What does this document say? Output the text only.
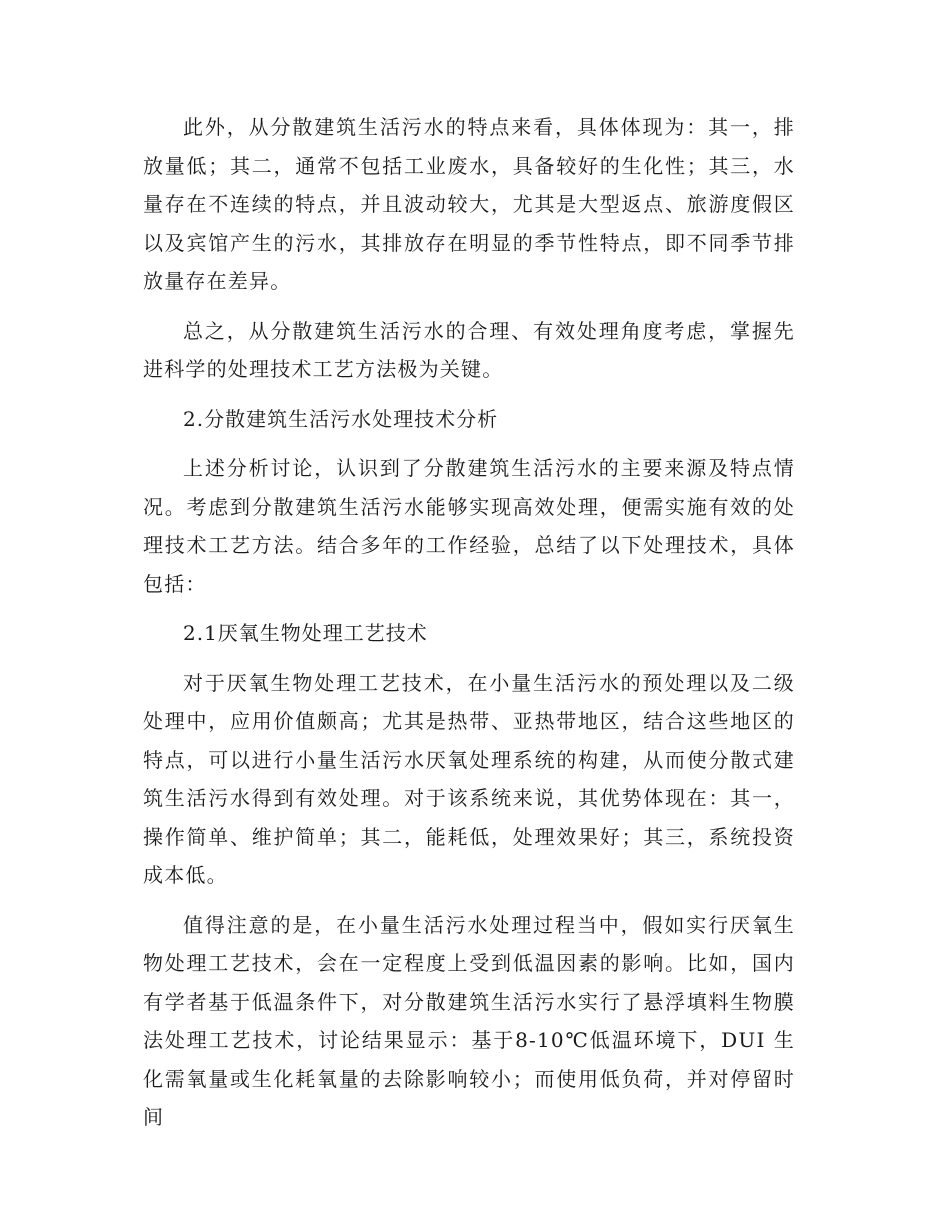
此外，从分散建筑生活污水的特点来看，具体体现为：其一，排放量低；其二，通常不包括工业废水，具备较好的生化性；其三，水量存在不连续的特点，并且波动较大，尤其是大型返点、旅游度假区以及宾馆产生的污水，其排放存在明显的季节性特点，即不同季节排放量存在差异。

总之，从分散建筑生活污水的合理、有效处理角度考虑，掌握先进科学的处理技术工艺方法极为关键。

2.分散建筑生活污水处理技术分析

上述分析讨论，认识到了分散建筑生活污水的主要来源及特点情况。考虑到分散建筑生活污水能够实现高效处理，便需实施有效的处理技术工艺方法。结合多年的工作经验，总结了以下处理技术，具体包括：

2.1厌氧生物处理工艺技术

对于厌氧生物处理工艺技术，在小量生活污水的预处理以及二级处理中，应用价值颇高；尤其是热带、亚热带地区，结合这些地区的特点，可以进行小量生活污水厌氧处理系统的构建，从而使分散式建筑生活污水得到有效处理。对于该系统来说，其优势体现在：其一，操作简单、维护简单；其二，能耗低，处理效果好；其三，系统投资成本低。

值得注意的是，在小量生活污水处理过程当中，假如实行厌氧生物处理工艺技术，会在一定程度上受到低温因素的影响。比如，国内有学者基于低温条件下，对分散建筑生活污水实行了悬浮填料生物膜法处理工艺技术，讨论结果显示：基于8-10℃低温环境下，DUI 生化需氧量或生化耗氧量的去除影响较小；而使用低负荷，并对停留时间
